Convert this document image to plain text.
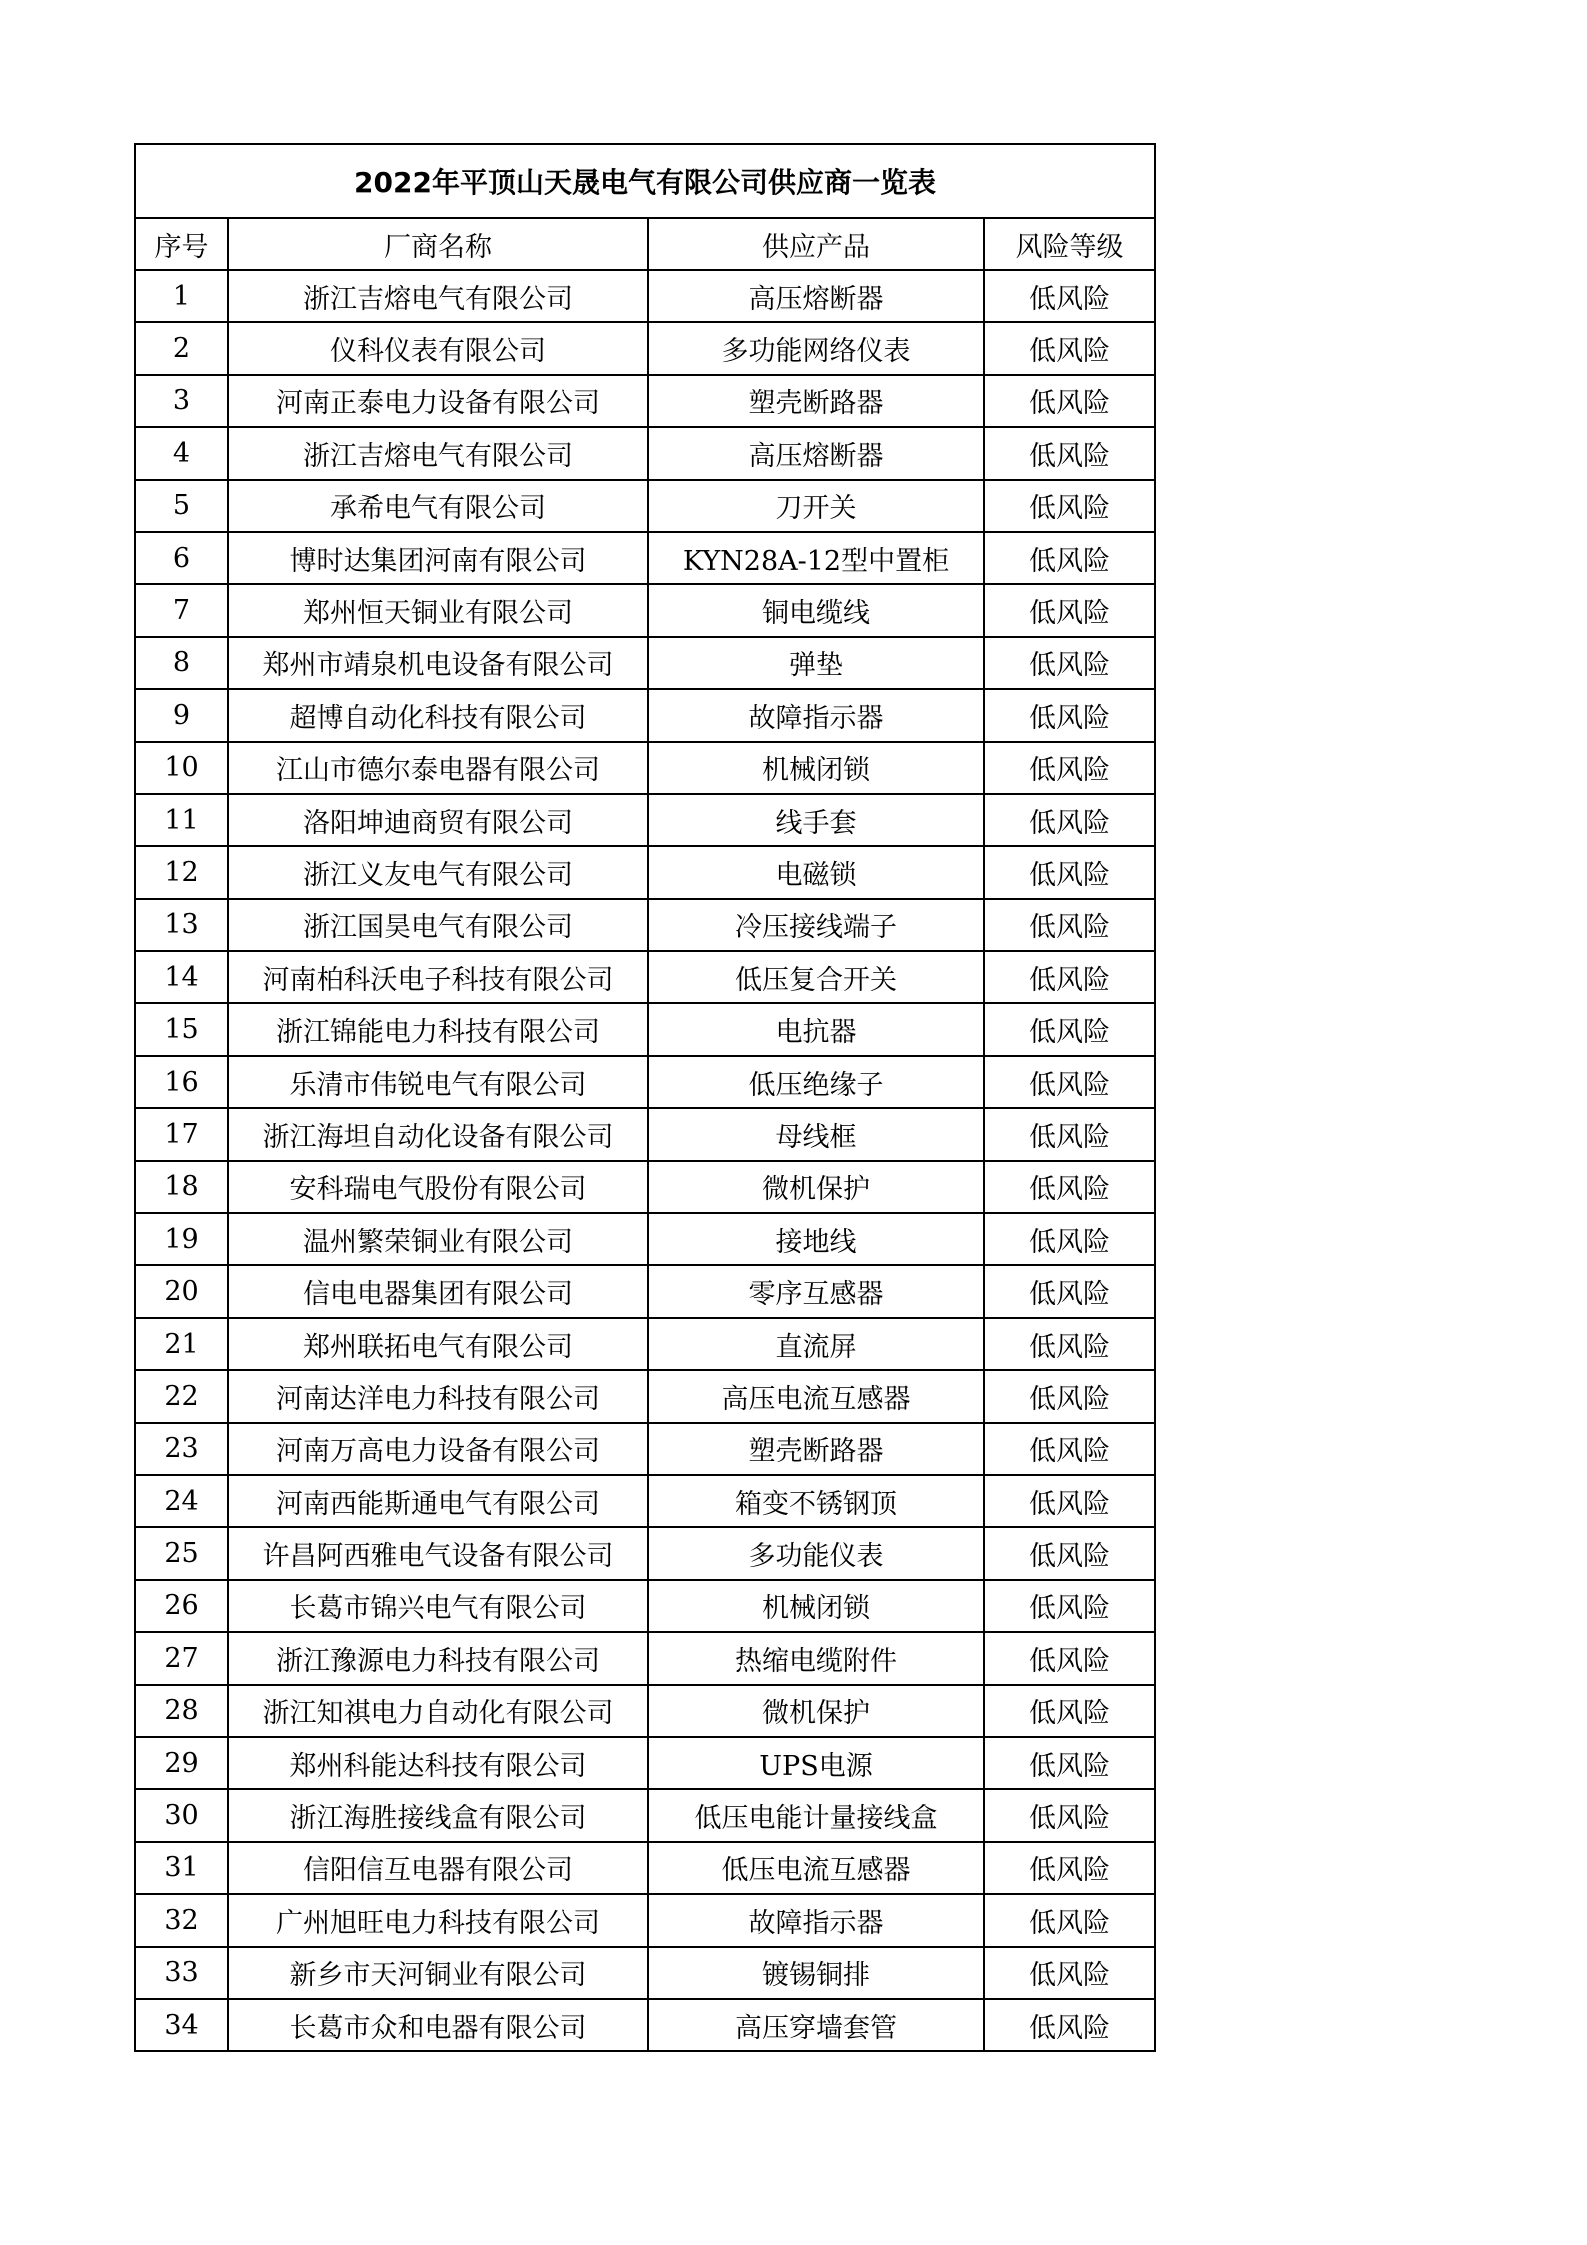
2022年平顶山天晟电气有限公司供应商一览表			
序号	厂商名称	供应产品	风险等级
1	浙江吉熔电气有限公司	高压熔断器	低风险
2	仪科仪表有限公司	多功能网络仪表	低风险
3	河南正泰电力设备有限公司	塑壳断路器	低风险
4	浙江吉熔电气有限公司	高压熔断器	低风险
5	承希电气有限公司	刀开关	低风险
6	博时达集团河南有限公司	KYN28A-12型中置柜	低风险
7	郑州恒天铜业有限公司	铜电缆线	低风险
8	郑州市靖泉机电设备有限公司	弹垫	低风险
9	超博自动化科技有限公司	故障指示器	低风险
10	江山市德尔泰电器有限公司	机械闭锁	低风险
11	洛阳坤迪商贸有限公司	线手套	低风险
12	浙江义友电气有限公司	电磁锁	低风险
13	浙江国昊电气有限公司	冷压接线端子	低风险
14	河南柏科沃电子科技有限公司	低压复合开关	低风险
15	浙江锦能电力科技有限公司	电抗器	低风险
16	乐清市伟锐电气有限公司	低压绝缘子	低风险
17	浙江海坦自动化设备有限公司	母线框	低风险
18	安科瑞电气股份有限公司	微机保护	低风险
19	温州繁荣铜业有限公司	接地线	低风险
20	信电电器集团有限公司	零序互感器	低风险
21	郑州联拓电气有限公司	直流屏	低风险
22	河南达洋电力科技有限公司	高压电流互感器	低风险
23	河南万高电力设备有限公司	塑壳断路器	低风险
24	河南西能斯通电气有限公司	箱变不锈钢顶	低风险
25	许昌阿西雅电气设备有限公司	多功能仪表	低风险
26	长葛市锦兴电气有限公司	机械闭锁	低风险
27	浙江豫源电力科技有限公司	热缩电缆附件	低风险
28	浙江知祺电力自动化有限公司	微机保护	低风险
29	郑州科能达科技有限公司	UPS电源	低风险
30	浙江海胜接线盒有限公司	低压电能计量接线盒	低风险
31	信阳信互电器有限公司	低压电流互感器	低风险
32	广州旭旺电力科技有限公司	故障指示器	低风险
33	新乡市天河铜业有限公司	镀锡铜排	低风险
34	长葛市众和电器有限公司	高压穿墙套管	低风险
